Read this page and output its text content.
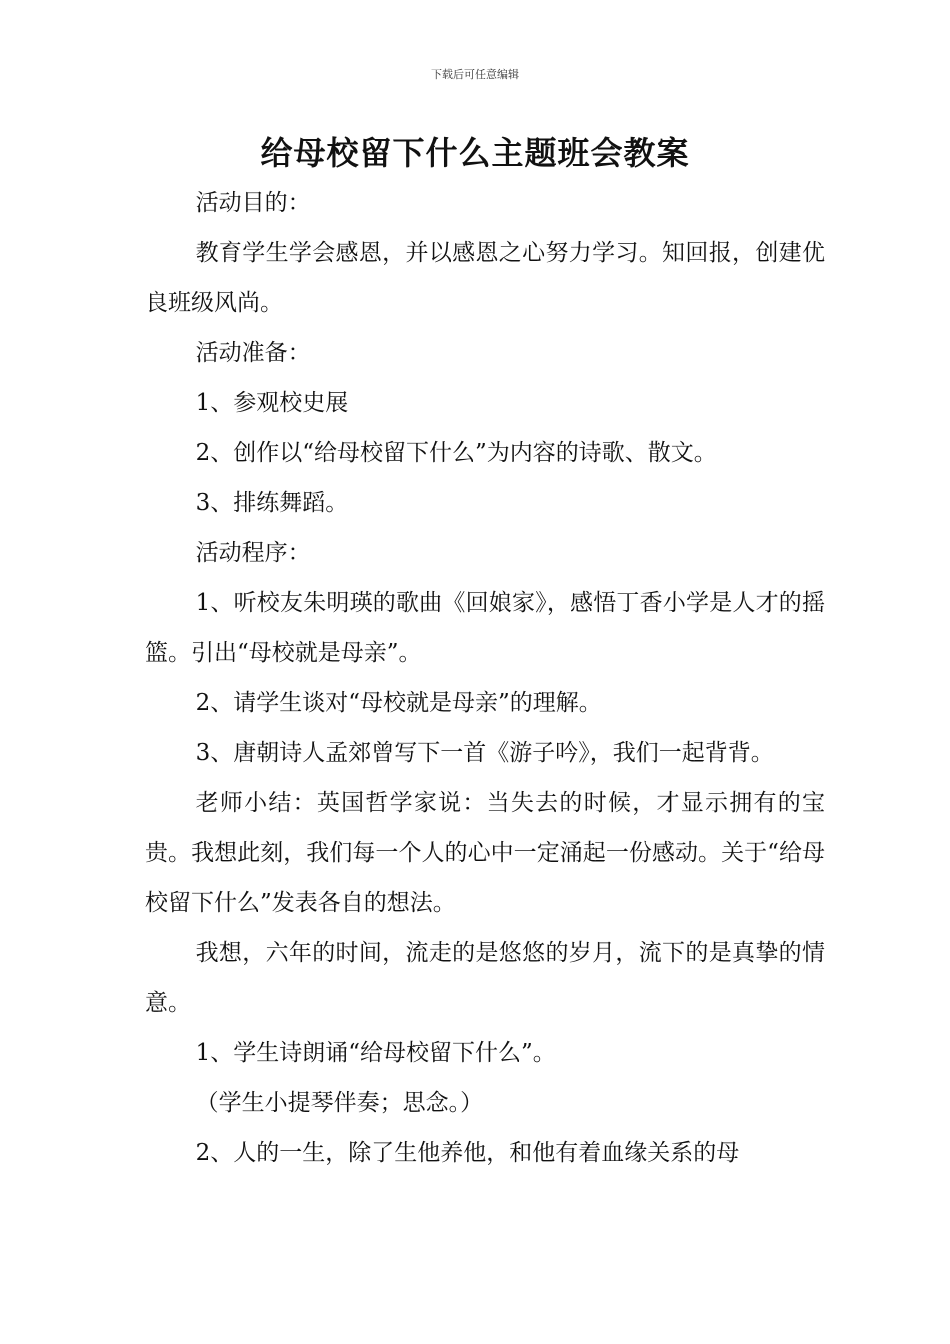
下载后可任意编辑
给母校留下什么主题班会教案

活动目的：

教育学生学会感恩，并以感恩之心努力学习。知回报，创建优良班级风尚。

活动准备：

1、参观校史展

2、创作以“给母校留下什么”为内容的诗歌、散文。

3、排练舞蹈。

活动程序：

1、听校友朱明瑛的歌曲《回娘家》，感悟丁香小学是人才的摇篮。引出“母校就是母亲”。

2、请学生谈对“母校就是母亲”的理解。

3、唐朝诗人孟郊曾写下一首《游子吟》，我们一起背背。

老师小结：英国哲学家说：当失去的时候，才显示拥有的宝贵。我想此刻，我们每一个人的心中一定涌起一份感动。关于“给母校留下什么”发表各自的想法。

我想，六年的时间，流走的是悠悠的岁月，流下的是真挚的情意。

1、学生诗朗诵“给母校留下什么”。

（学生小提琴伴奏；思念。）

2、人的一生，除了生他养他，和他有着血缘关系的母
